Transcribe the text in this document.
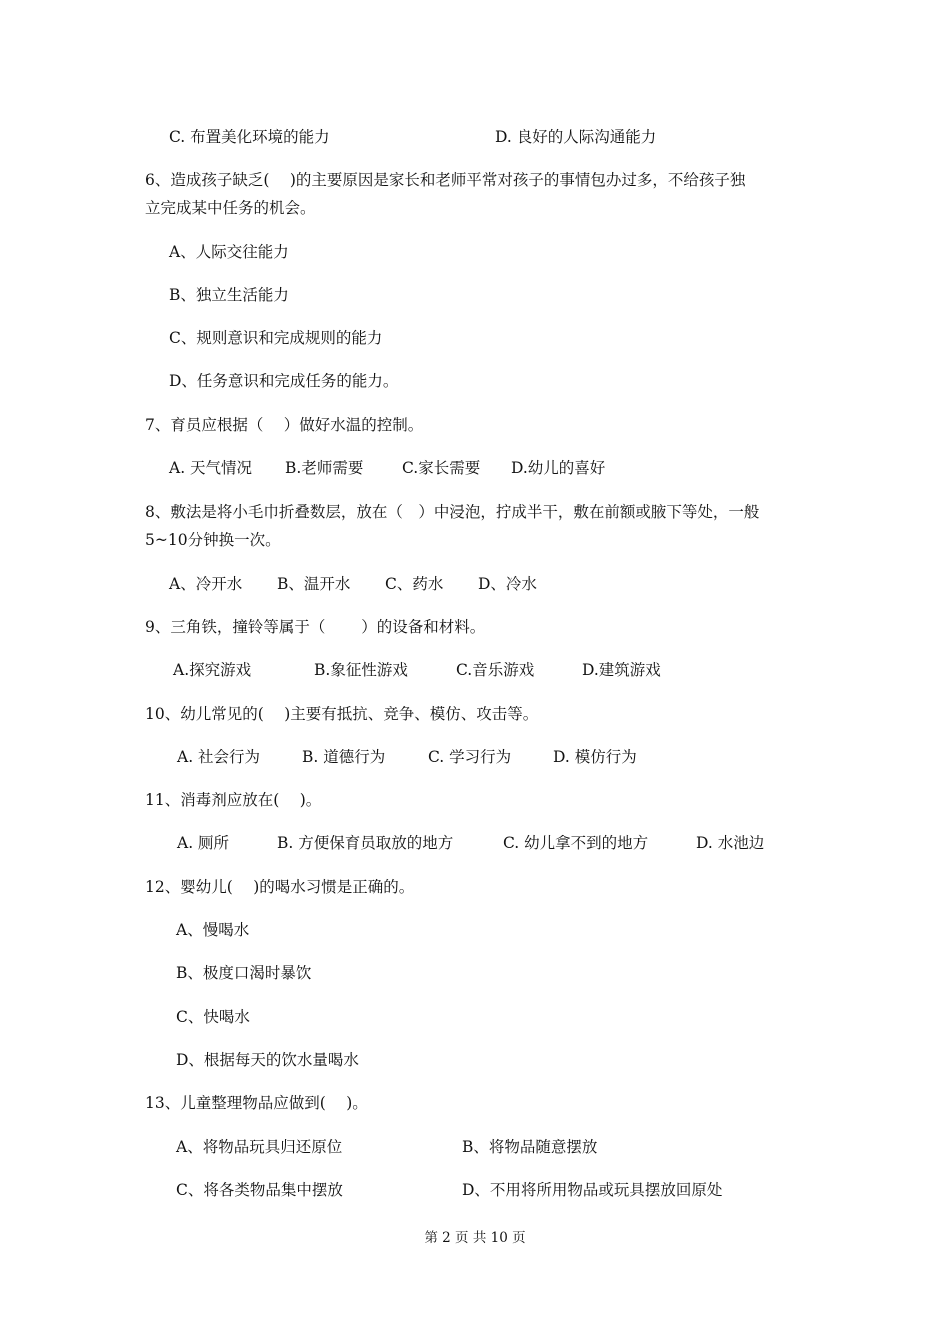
C. 布置美化环境的能力

	D. 良好的人际沟通能力

6、造成孩子缺乏(　 )的主要原因是家长和老师平常对孩子的事情包办过多，不给孩子独

立完成某中任务的机会。

A、人际交往能力

B、独立生活能力

C、规则意识和完成规则的能力

D、任务意识和完成任务的能力。

7、育员应根据（　 ）做好水温的控制。

A. 天气情况

B.老师需要

C.家长需要

D.幼儿的喜好

8、敷法是将小毛巾折叠数层，放在（　）中浸泡，拧成半干，敷在前额或腋下等处，一般

5~10分钟换一次。

A、冷开水

B、温开水

C、药水

D、冷水

9、三角铁，撞铃等属于（　 　）的设备和材料。

A.探究游戏

	B.象征性游戏

	C.音乐游戏

	D.建筑游戏

10、幼儿常见的(　 )主要有抵抗、竞争、模仿、攻击等。

A. 社会行为

	B. 道德行为

	C. 学习行为

	D. 模仿行为

11、消毒剂应放在(　 )。

A. 厕所

	B. 方便保育员取放的地方

	C. 幼儿拿不到的地方

	D. 水池边

12、婴幼儿(　 )的喝水习惯是正确的。

A、慢喝水

B、极度口渴时暴饮

C、快喝水

D、根据每天的饮水量喝水

13、儿童整理物品应做到(　 )。

A、将物品玩具归还原位

	B、将物品随意摆放

C、将各类物品集中摆放

	D、不用将所用物品或玩具摆放回原处

第 2 页 共 10 页
